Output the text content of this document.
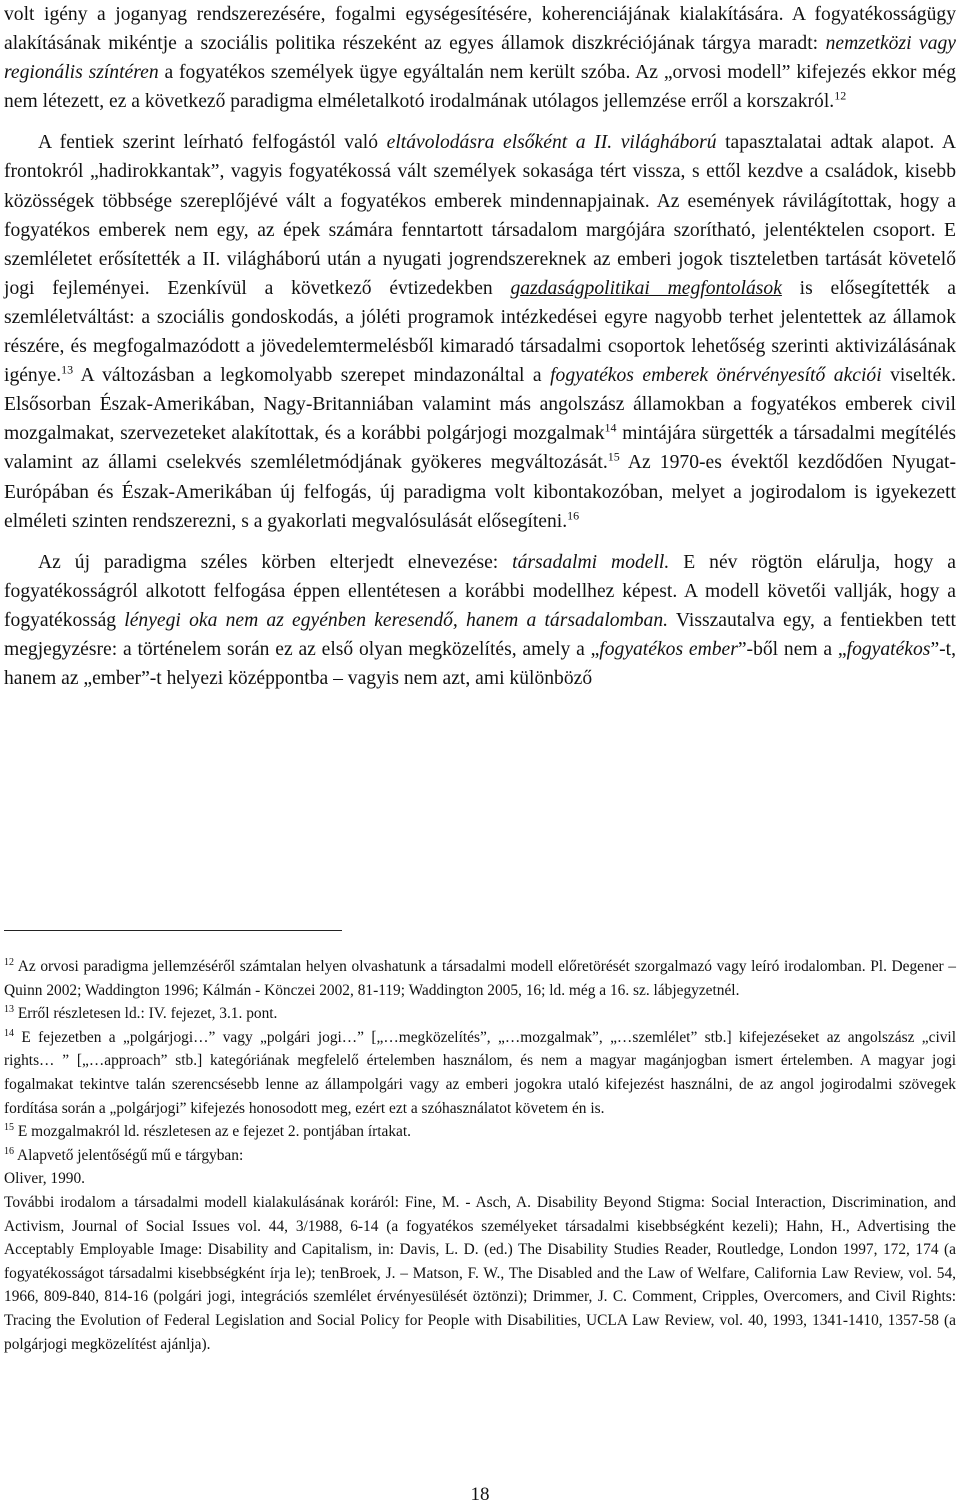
volt igény a joganyag rendszerezésére, fogalmi egységesítésére, koherenciájának kialakítására. A fogyatékosságügy alakításának mikéntje a szociális politika részeként az egyes államok diszkréciójának tárgya maradt: nemzetközi vagy regionális színtéren a fogyatékos személyek ügye egyáltalán nem került szóba. Az „orvosi modell” kifejezés ekkor még nem létezett, ez a következő paradigma elméletalkotó irodalmának utólagos jellemzése erről a korszakról.$^{12}$

A fentiek szerint leírható felfogástól való eltávolodásra elsőként a II. világháború tapasztalatai adtak alapot. A frontokról „hadirokkantak”, vagyis fogyatékossá vált személyek sokasága tért vissza, s ettől kezdve a családok, kisebb közösségek többsége szereplőjévé vált a fogyatékos emberek mindennapjainak. Az események rávilágítottak, hogy a fogyatékos emberek nem egy, az épek számára fenntartott társadalom margójára szorítható, jelentéktelen csoport. E szemléletet erősítették a II. világháború után a nyugati jogrendszereknek az emberi jogok tiszteletben tartását követelő jogi fejleményei. Ezenkívül a következő évtizedekben gazdaságpolitikai megfontolások is elősegítették a szemléletváltást: a szociális gondoskodás, a jóléti programok intézkedései egyre nagyobb terhet jelentettek az államok részére, és megfogalmazódott a jövedelemtermelésből kimaradó társadalmi csoportok lehetőség szerinti aktivizálásának igénye.$^{13}$ A változásban a legkomolyabb szerepet mindazonáltal a fogyatékos emberek önérvényesítő akciói viselték. Elsősorban Észak-Amerikában, Nagy-Britanniában valamint más angolszász államokban a fogyatékos emberek civil mozgalmakat, szervezeteket alakítottak, és a korábbi polgárjogi mozgalmak$^{14}$ mintájára sürgették a társadalmi megítélés valamint az állami cselekvés szemléletmódjának gyökeres megváltozását.$^{15}$ Az 1970-es évektől kezdődően Nyugat-Európában és Észak-Amerikában új felfogás, új paradigma volt kibontakozóban, melyet a jogirodalom is igyekezett elméleti szinten rendszerezni, s a gyakorlati megvalósulását elősegíteni.$^{16}$

Az új paradigma széles körben elterjedt elnevezése: társadalmi modell. E név rögtön elárulja, hogy a fogyatékosságról alkotott felfogása éppen ellentétesen a korábbi modellhez képest. A modell követői vallják, hogy a fogyatékosság lényegi oka nem az egyénben keresendő, hanem a társadalomban. Visszautalva egy, a fentiekben tett megjegyzésre: a történelem során ez az első olyan megközelítés, amely a „fogyatékos ember”-ből nem a „fogyatékos”-t, hanem az „ember”-t helyezi középpontba – vagyis nem azt, ami különböző

$^{12}$ Az orvosi paradigma jellemzéséről számtalan helyen olvashatunk a társadalmi modell előretörését szorgalmazó vagy leíró irodalomban. Pl. Degener – Quinn 2002; Waddington 1996; Kálmán - Könczei 2002, 81-119; Waddington 2005, 16; ld. még a 16. sz. lábjegyzetnél.

$^{13}$ Erről részletesen ld.: IV. fejezet, 3.1. pont.

$^{14}$ E fejezetben a „polgárjogi…” vagy „polgári jogi…” [„…megközelítés”, „…mozgalmak”, „…szemlélet” stb.] kifejezéseket az angolszász „civil rights… ” [„…approach” stb.] kategóriának megfelelő értelemben használom, és nem a magyar magánjogban ismert értelemben. A magyar jogi fogalmakat tekintve talán szerencsésebb lenne az állampolgári vagy az emberi jogokra utaló kifejezést használni, de az angol jogirodalmi szövegek fordítása során a „polgárjogi” kifejezés honosodott meg, ezért ezt a szóhasználatot követem én is.

$^{15}$ E mozgalmakról ld. részletesen az e fejezet 2. pontjában írtakat.

$^{16}$ Alapvető jelentőségű mű e tárgyban:

Oliver, 1990.

További irodalom a társadalmi modell kialakulásának koráról: Fine, M. - Asch, A. Disability Beyond Stigma: Social Interaction, Discrimination, and Activism, Journal of Social Issues vol. 44, 3/1988, 6-14 (a fogyatékos személyeket társadalmi kisebbségként kezeli); Hahn, H., Advertising the Acceptably Employable Image: Disability and Capitalism, in: Davis, L. D. (ed.) The Disability Studies Reader, Routledge, London 1997, 172, 174 (a fogyatékosságot társadalmi kisebbségként írja le); tenBroek, J. – Matson, F. W., The Disabled and the Law of Welfare, California Law Review, vol. 54, 1966, 809-840, 814-16 (polgári jogi, integrációs szemlélet érvényesülését öztönzi); Drimmer, J. C. Comment, Cripples, Overcomers, and Civil Rights: Tracing the Evolution of Federal Legislation and Social Policy for People with Disabilities, UCLA Law Review, vol. 40, 1993, 1341-1410, 1357-58 (a polgárjogi megközelítést ajánlja).

18
